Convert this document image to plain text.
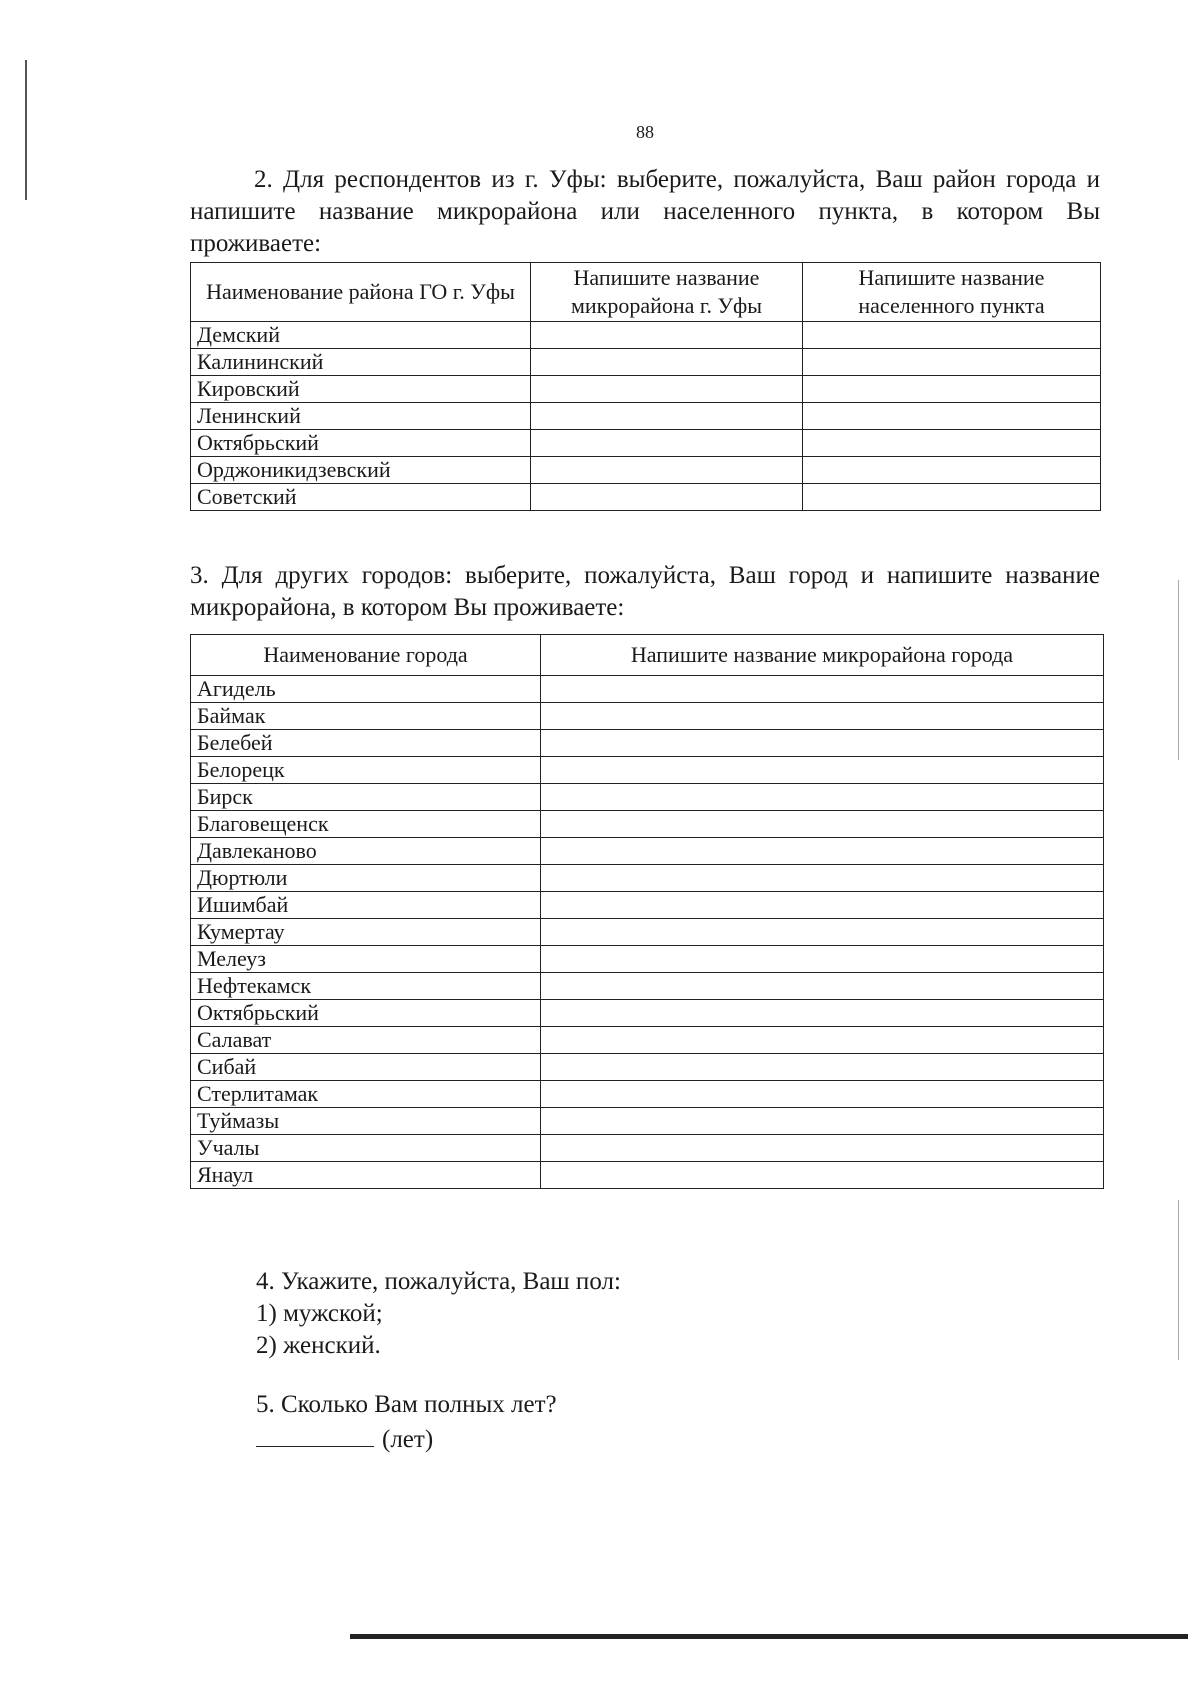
88
2. Для респондентов из г. Уфы: выберите, пожалуйста, Ваш район города и напишите название микрорайона или населенного пункта, в котором Вы проживаете:
Наименование района ГО г. Уфы	Напишите название микрорайона г. Уфы	Напишите название населенного пункта
Демский		
Калининский		
Кировский		
Ленинский		
Октябрьский		
Орджоникидзевский		
Советский		
3. Для других городов: выберите, пожалуйста, Ваш город и напишите название микрорайона, в котором Вы проживаете:
Наименование города	Напишите название микрорайона города
Агидель	
Баймак	
Белебей	
Белорецк	
Бирск	
Благовещенск	
Давлеканово	
Дюртюли	
Ишимбай	
Кумертау	
Мелеуз	
Нефтекамск	
Октябрьский	
Салават	
Сибай	
Стерлитамак	
Туймазы	
Учалы	
Янаул	
4. Укажите, пожалуйста, Ваш пол:
1) мужской;
2) женский.
5. Сколько Вам полных лет?
(лет)
